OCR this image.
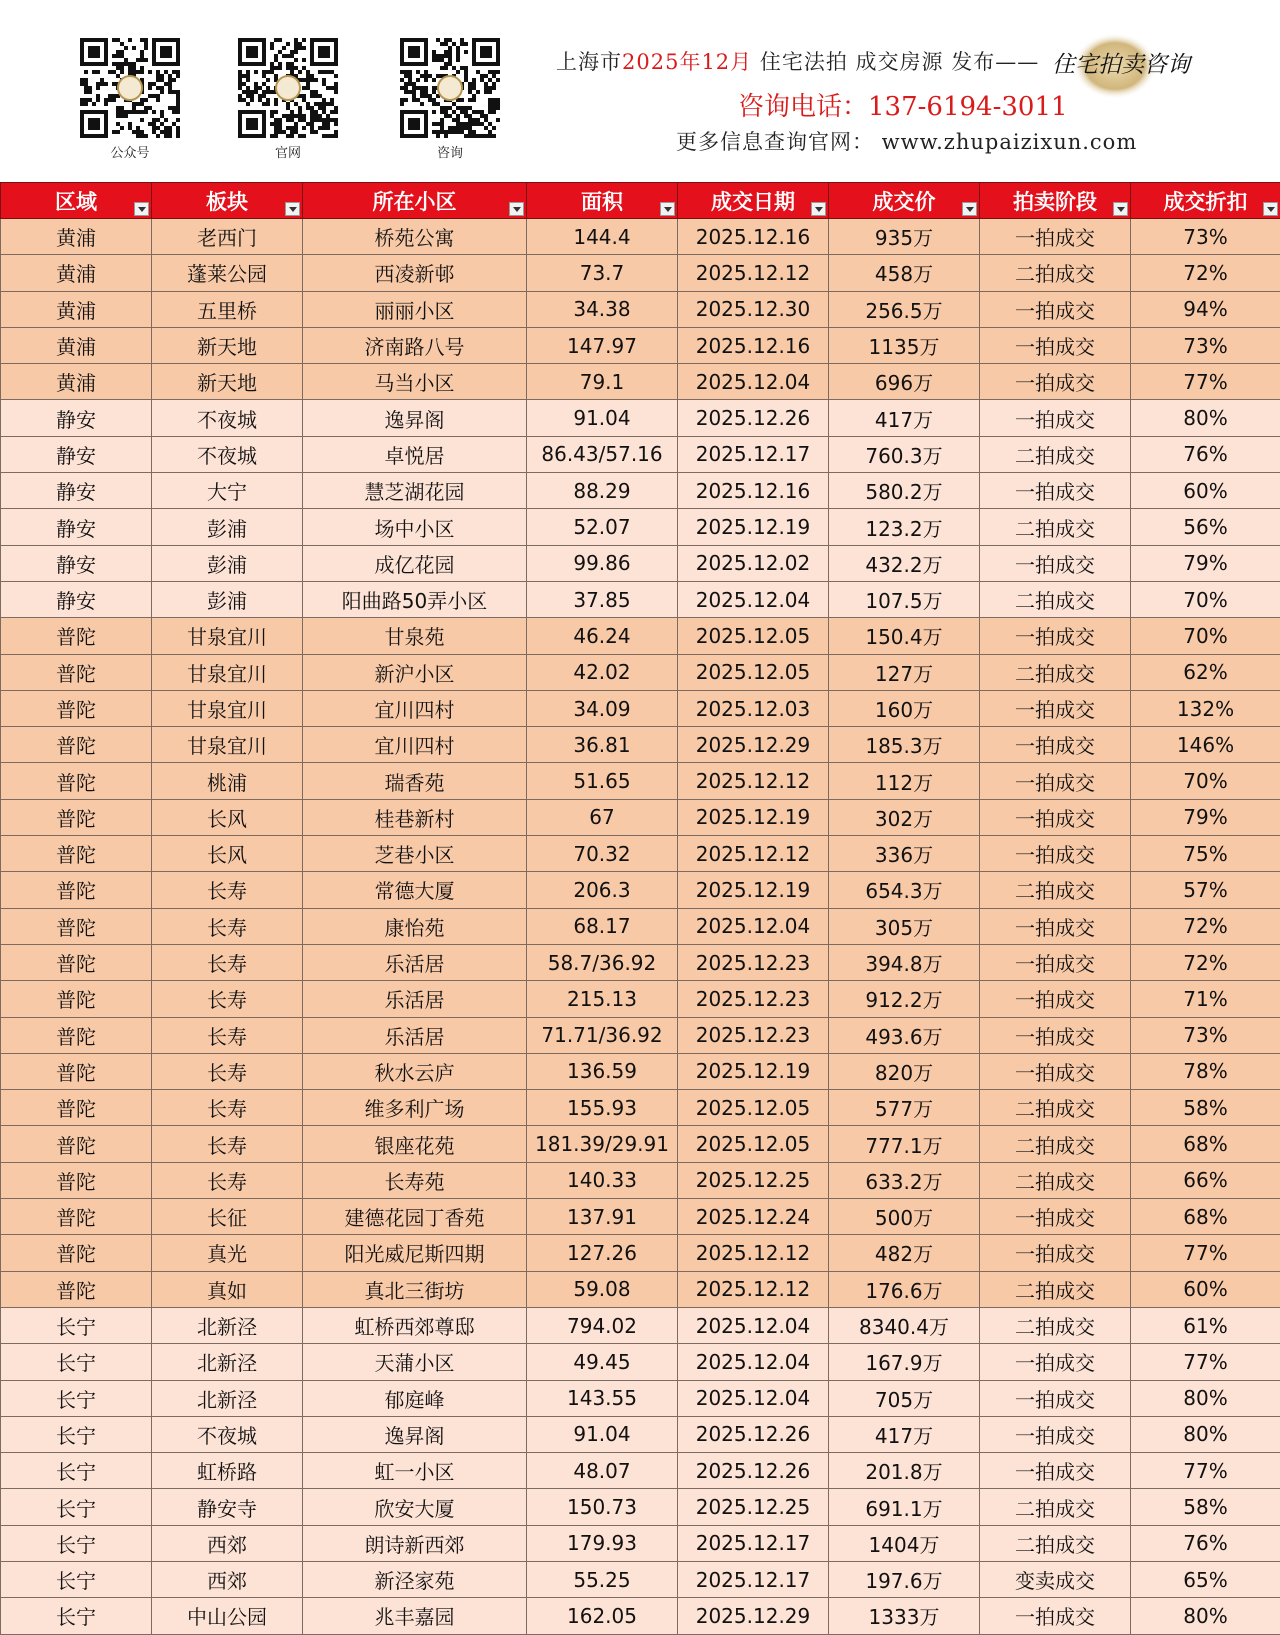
公众号	官网	咨询
上海市2025年12月 住宅法拍 成交房源 发布—— 住宅拍卖咨询
咨询电话：137-6194-3011
更多信息查询官网： www.zhupaizixun.com
区域	板块	所在小区	面积	成交日期	成交价	拍卖阶段	成交折扣

黄浦	老西门	桥苑公寓	144.4	2025.12.16	935万	一拍成交	73%
黄浦	蓬莱公园	西凌新邨	73.7	2025.12.12	458万	二拍成交	72%
黄浦	五里桥	丽丽小区	34.38	2025.12.30	256.5万	一拍成交	94%
黄浦	新天地	济南路八号	147.97	2025.12.16	1135万	一拍成交	73%
黄浦	新天地	马当小区	79.1	2025.12.04	696万	一拍成交	77%
静安	不夜城	逸昇阁	91.04	2025.12.26	417万	一拍成交	80%
静安	不夜城	卓悦居	86.43/57.16	2025.12.17	760.3万	二拍成交	76%
静安	大宁	慧芝湖花园	88.29	2025.12.16	580.2万	一拍成交	60%
静安	彭浦	场中小区	52.07	2025.12.19	123.2万	二拍成交	56%
静安	彭浦	成亿花园	99.86	2025.12.02	432.2万	一拍成交	79%
静安	彭浦	阳曲路50弄小区	37.85	2025.12.04	107.5万	二拍成交	70%
普陀	甘泉宜川	甘泉苑	46.24	2025.12.05	150.4万	一拍成交	70%
普陀	甘泉宜川	新沪小区	42.02	2025.12.05	127万	二拍成交	62%
普陀	甘泉宜川	宜川四村	34.09	2025.12.03	160万	一拍成交	132%
普陀	甘泉宜川	宜川四村	36.81	2025.12.29	185.3万	一拍成交	146%
普陀	桃浦	瑞香苑	51.65	2025.12.12	112万	一拍成交	70%
普陀	长风	桂巷新村	67	2025.12.19	302万	一拍成交	79%
普陀	长风	芝巷小区	70.32	2025.12.12	336万	一拍成交	75%
普陀	长寿	常德大厦	206.3	2025.12.19	654.3万	二拍成交	57%
普陀	长寿	康怡苑	68.17	2025.12.04	305万	一拍成交	72%
普陀	长寿	乐活居	58.7/36.92	2025.12.23	394.8万	一拍成交	72%
普陀	长寿	乐活居	215.13	2025.12.23	912.2万	一拍成交	71%
普陀	长寿	乐活居	71.71/36.92	2025.12.23	493.6万	一拍成交	73%
普陀	长寿	秋水云庐	136.59	2025.12.19	820万	一拍成交	78%
普陀	长寿	维多利广场	155.93	2025.12.05	577万	二拍成交	58%
普陀	长寿	银座花苑	181.39/29.91	2025.12.05	777.1万	二拍成交	68%
普陀	长寿	长寿苑	140.33	2025.12.25	633.2万	二拍成交	66%
普陀	长征	建德花园丁香苑	137.91	2025.12.24	500万	一拍成交	68%
普陀	真光	阳光威尼斯四期	127.26	2025.12.12	482万	一拍成交	77%
普陀	真如	真北三街坊	59.08	2025.12.12	176.6万	二拍成交	60%
长宁	北新泾	虹桥西郊尊邸	794.02	2025.12.04	8340.4万	二拍成交	61%
长宁	北新泾	天蒲小区	49.45	2025.12.04	167.9万	一拍成交	77%
长宁	北新泾	郁庭峰	143.55	2025.12.04	705万	一拍成交	80%
长宁	不夜城	逸昇阁	91.04	2025.12.26	417万	一拍成交	80%
长宁	虹桥路	虹一小区	48.07	2025.12.26	201.8万	一拍成交	77%
长宁	静安寺	欣安大厦	150.73	2025.12.25	691.1万	二拍成交	58%
长宁	西郊	朗诗新西郊	179.93	2025.12.17	1404万	二拍成交	76%
长宁	西郊	新泾家苑	55.25	2025.12.17	197.6万	变卖成交	65%
长宁	中山公园	兆丰嘉园	162.05	2025.12.29	1333万	一拍成交	80%
